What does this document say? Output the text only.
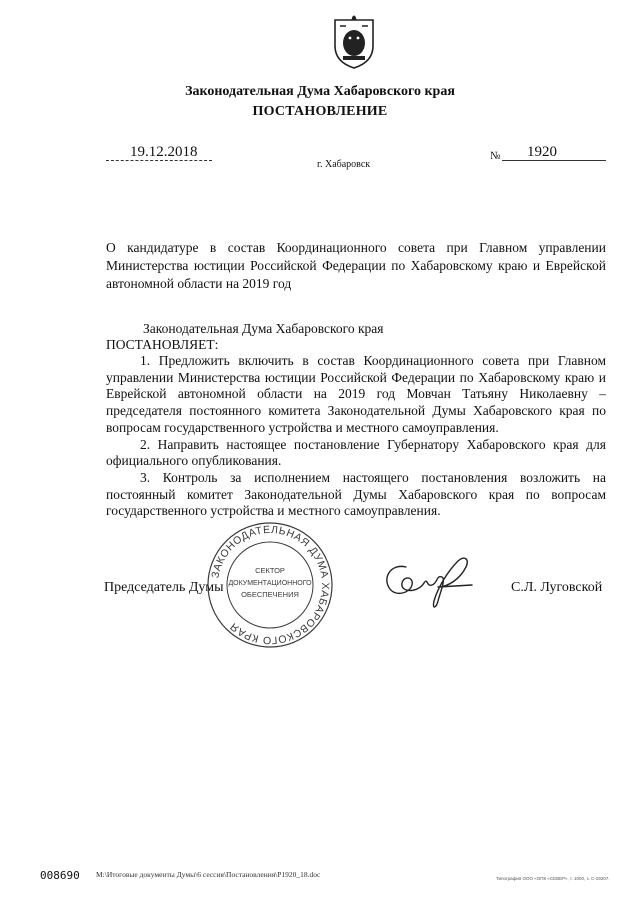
Законодательная Дума Хабаровского края
ПОСТАНОВЛЕНИЕ
19.12.2018
г. Хабаровск
№ 1920
О кандидатуре в состав Координационного совета при Главном управлении
Министерства юстиции Российской Федерации по Хабаровскому краю и Еврейской
автономной области на 2019 год
Законодательная Дума Хабаровского края
ПОСТАНОВЛЯЕТ:

1. Предложить включить в состав Координационного совета при Главном управлении Министерства юстиции Российской Федерации по Хабаровскому краю и Еврейской автономной области на 2019 год Мовчан Татьяну Николаевну – председателя постоянного комитета Законодательной Думы Хабаровского края по вопросам государственного устройства и местного самоуправления.

2. Направить настоящее постановление Губернатору Хабаровского края для официального опубликования.

3. Контроль за исполнением настоящего постановления возложить на постоянный комитет Законодательной Думы Хабаровского края по вопросам государственного устройства и местного самоуправления.

ЗАКОНОДАТЕЛЬНАЯ ДУМА ХАБАРОВСКОГО КРАЯ
СЕКТОР
ДОКУМЕНТАЦИОННОГО
ОБЕСПЕЧЕНИЯ
Председатель Думы	С.Л. Луговской
008690 M:\Итоговые документы Думы\6 сессия\Постановления\Р1920_18.doc	Типография ООО «ОПК «СЕВЕР», т. 1000, з. С-19207.
